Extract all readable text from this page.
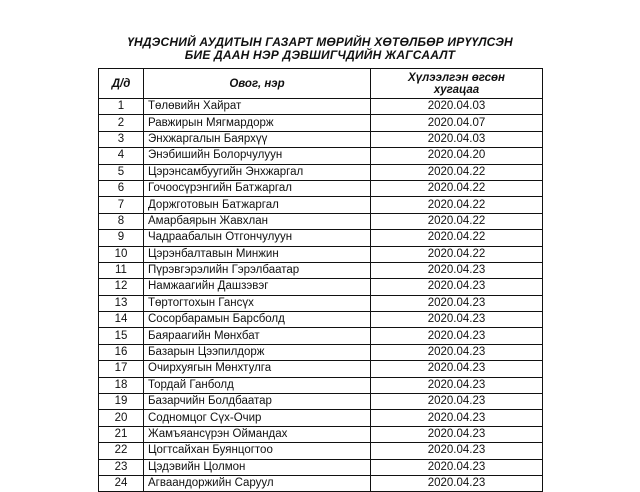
ҮНДЭСНИЙ АУДИТЫН ГАЗАРТ МӨРИЙН ХӨТӨЛБӨР ИРҮҮЛСЭН
БИЕ ДААН НЭР ДЭВШИГЧДИЙН ЖАГСААЛТ
Д/д	Овог, нэр	Хүлээлгэн өгсөн хугацаа
1	Төлөвийн Хайрат	2020.04.03
2	Равжирын Мягмардорж	2020.04.07
3	Энхжаргалын Баярхүү	2020.04.03
4	Энэбишийн Болорчулуун	2020.04.20
5	Цэрэнсамбуугийн Энхжаргал	2020.04.22
6	Гочоосүрэнгийн Батжаргал	2020.04.22
7	Доржготовын Батжаргал	2020.04.22
8	Амарбаярын Жавхлан	2020.04.22
9	Чадраабалын Отгончулуун	2020.04.22
10	Цэрэнбалтавын Минжин	2020.04.22
11	Пүрэвгэрэлийн Гэрэлбаатар	2020.04.23
12	Намжаагийн Дашзэвэг	2020.04.23
13	Төртогтохын Гансүх	2020.04.23
14	Сосорбарамын Барсболд	2020.04.23
15	Баяраагийн Мөнхбат	2020.04.23
16	Базарын Цээпилдорж	2020.04.23
17	Очирхуягын Мөнхтулга	2020.04.23
18	Тордай Ганболд	2020.04.23
19	Базарчийн Болдбаатар	2020.04.23
20	Содномцог Сүх-Очир	2020.04.23
21	Жамъяансүрэн Оймандах	2020.04.23
22	Цогтсайхан Буянцогтоо	2020.04.23
23	Цэдэвийн Цолмон	2020.04.23
24	Агваандоржийн Саруул	2020.04.23
